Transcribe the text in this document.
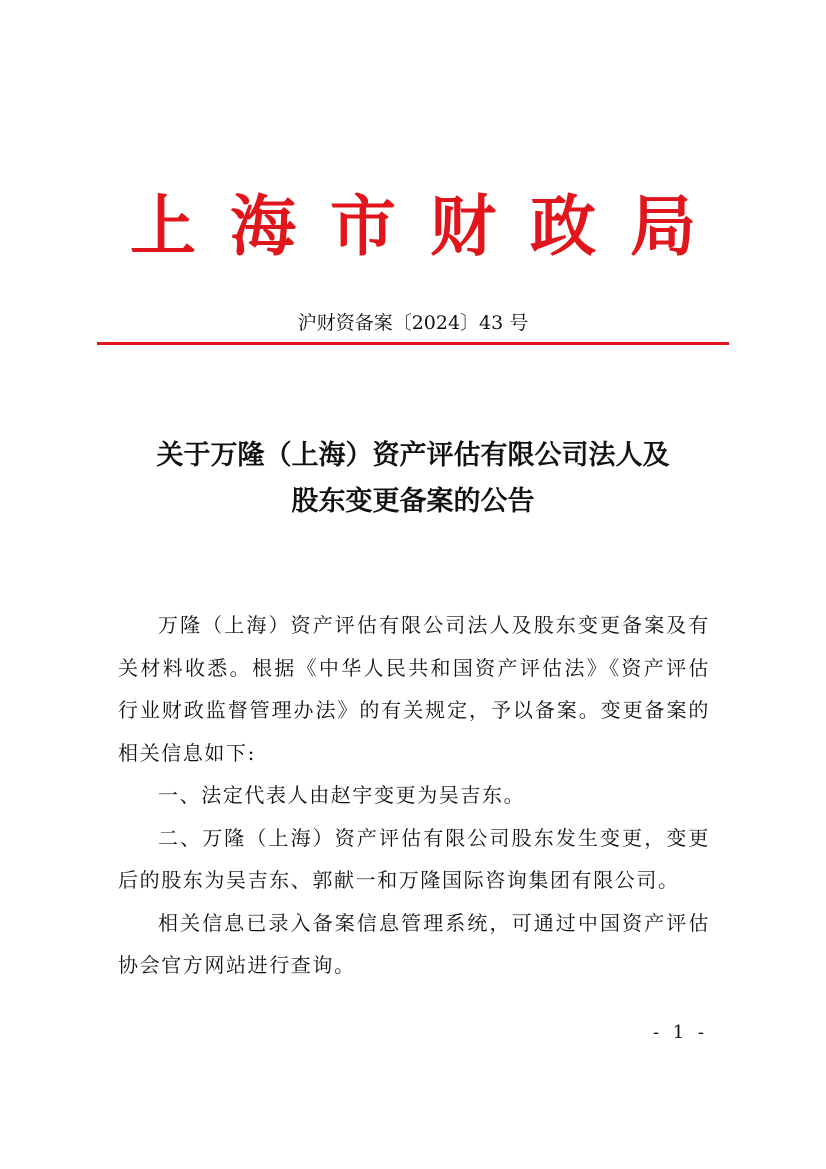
上海市财政局
沪财资备案〔2024〕43 号
关于万隆（上海）资产评估有限公司法人及
股东变更备案的公告

万隆（上海）资产评估有限公司法人及股东变更备案及有关材料收悉。根据《中华人民共和国资产评估法》《资产评估行业财政监督管理办法》的有关规定，予以备案。变更备案的相关信息如下:

一、法定代表人由赵宇变更为吴吉东。

二、万隆（上海）资产评估有限公司股东发生变更，变更后的股东为吴吉东、郭献一和万隆国际咨询集团有限公司。

相关信息已录入备案信息管理系统，可通过中国资产评估协会官方网站进行查询。

- 1 -
